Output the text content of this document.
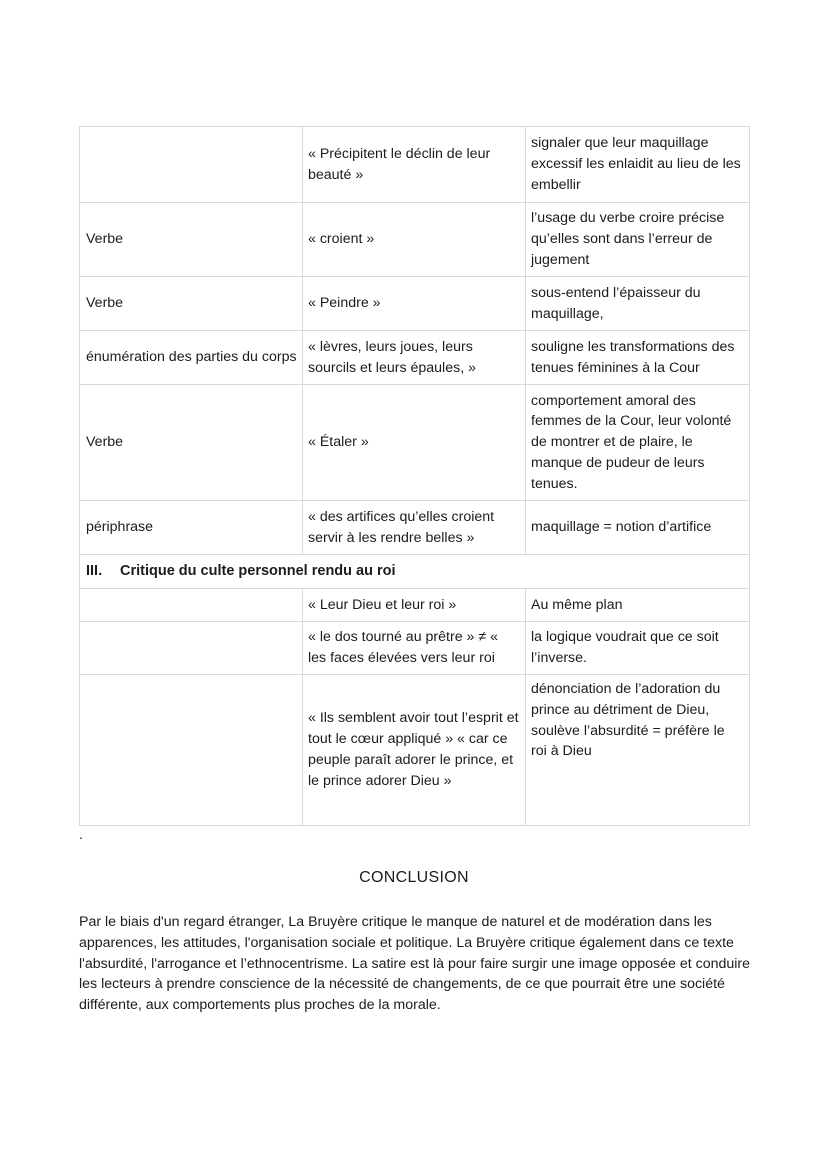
	« Précipitent le déclin de leur beauté »	signaler que leur maquillage excessif les enlaidit au lieu de les embellir
Verbe	« croient »	l’usage du verbe croire précise qu’elles sont dans l’erreur de jugement
Verbe	« Peindre »	sous-entend l’épaisseur du maquillage,
énumération des parties du corps	« lèvres, leurs joues, leurs sourcils et leurs épaules, »	souligne les transformations des tenues féminines à la Cour
Verbe	« Étaler »	comportement amoral des femmes de la Cour, leur volonté de montrer et de plaire, le manque de pudeur de leurs tenues.
périphrase	« des artifices qu’elles croient servir à les rendre belles »	maquillage = notion d’artifice
III. Critique du culte personnel rendu au roi		
	« Leur Dieu et leur roi »	Au même plan
	« le dos tourné au prêtre » ≠ « les faces élevées vers leur roi	la logique voudrait que ce soit l’inverse.
	« Ils semblent avoir tout l’esprit et tout le cœur appliqué » « car ce peuple paraît adorer le prince, et le prince adorer Dieu »	dénonciation de l’adoration du prince au détriment de Dieu, soulève l’absurdité = préfère le roi à Dieu
.
CONCLUSION

Par le biais d'un regard étranger, La Bruyère critique le manque de naturel et de modération dans les apparences, les attitudes, l'organisation sociale et politique. La Bruyère critique également dans ce texte l'absurdité, l'arrogance et l’ethnocentrisme. La satire est là pour faire surgir une image opposée et conduire les lecteurs à prendre conscience de la nécessité de changements, de ce que pourrait être une société différente, aux comportements plus proches de la morale.
